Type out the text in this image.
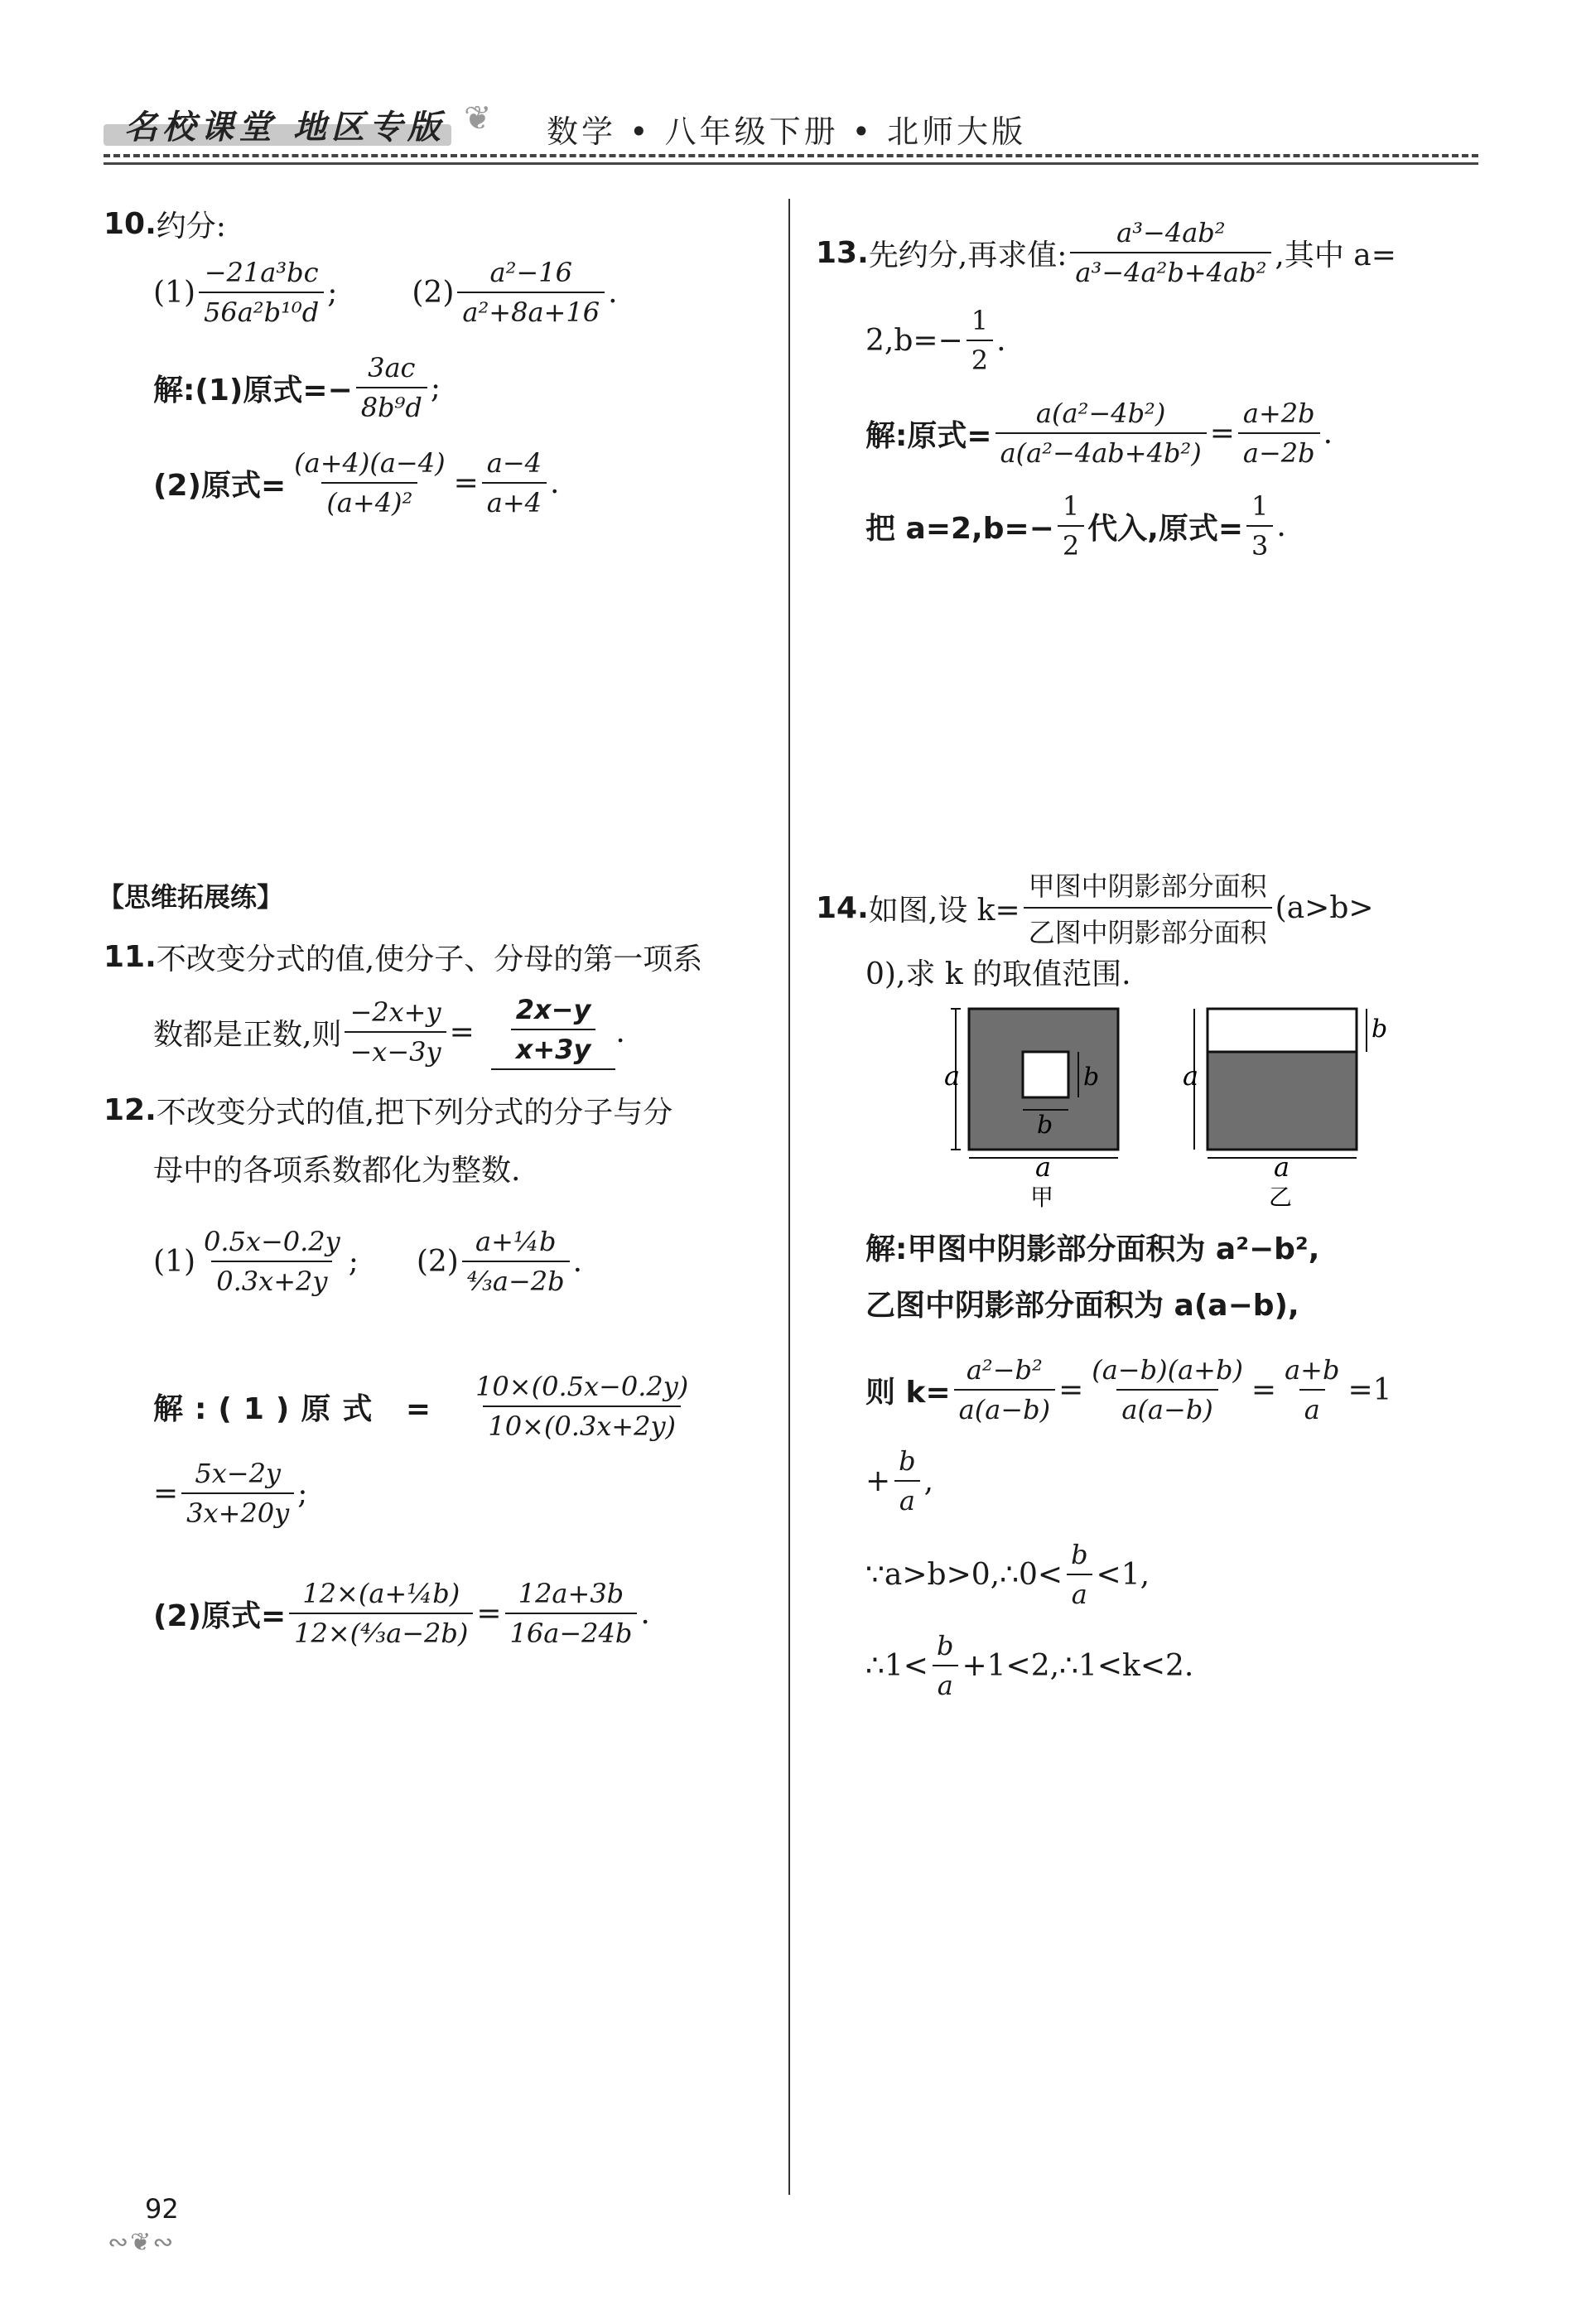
名校课堂 地区专版 ❦ 数学 • 八年级下册 • 北师大版
10. 约分:
$(1) \frac{\text{−21a³bc}}{\text{56a²b¹⁰d}}$ ;	$(2) \frac{\text{a²−16}}{\text{a²+8a+16}}$ .
解:(1)原式=− $\frac{3ac}{\text{8b⁹d}}$ ;
(2)原式= $\frac{(a+4)(a-4)}{\text{(a+4)²}} = \frac{a-4}{a+4}$ .
【思维拓展练】
11. 不改变分式的值,使分子、分母的第一项系
数都是正数,则 $\frac{-2x+y}{-x-3y} = \frac{2x-y}{x+3y}$ .
12. 不改变分式的值,把下列分式的分子与分
母中的各项系数都化为整数.
$(1) \frac{0.5x-0.2y}{0.3x+2y}$ ; $(2) \frac{\text{a+¼b}}{\text{⁴⁄₃a−2b}}$ .
解:(1)原式 = $\frac{10\times(0.5x-0.2y)}{10\times(0.3x+2y)}$
= $\frac{5x-2y}{3x+20y}$ ;
(2)原式= $\frac{\text{12×(a+¼b)}}{\text{12×(⁴⁄₃a−2b)}} = \frac{12a+3b}{16a-24b}$ .
13. 先约分,再求值: $\frac{\text{a³−4ab²}}{\text{a³−4a²b+4ab²}}$ ,其中 a=
$2,b=- \frac{1}{2}$ .
解:原式= $\frac{\text{a(a²−4b²)}}{\text{a(a²−4ab+4b²)}} = \frac{a+2b}{a-2b}$ .
把 $a=2,b=- \frac{1}{2}$ 代入,原式= $\frac{1}{3}$ .
14. 如图,设 $k= \frac{\text{甲图中阴影部分面积}}{\text{乙图中阴影部分面积}} (a>b>$
0),求 k 的取值范围.
a	b
b
a
甲
a
b
a
乙
解:甲图中阴影部分面积为 a²−b²,
乙图中阴影部分面积为 a(a−b),
则 $k= \frac{\text{a²−b²}}{a(a-b)} = \frac{(a-b)(a+b)}{a(a-b)} = \frac{a+b}{a} =1$
+ $\frac{b}{a}$ ,
∵a>b>0,∴0< $\frac{b}{a} <1$,
∴1< $\frac{b}{a}$ +1<2,∴1<k<2.
92
∾❦∾
